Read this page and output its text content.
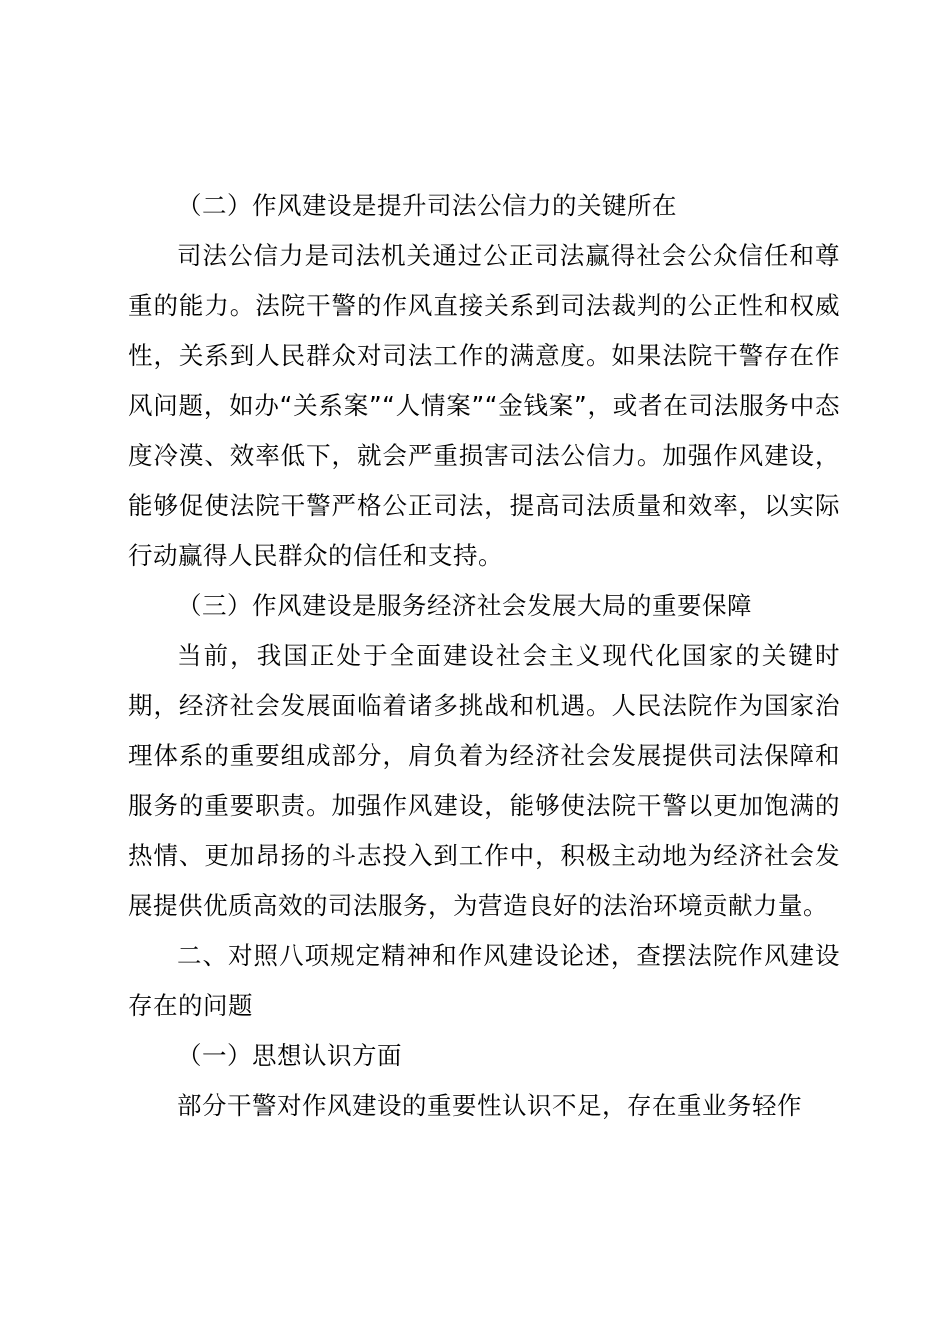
（二）作风建设是提升司法公信力的关键所在

司法公信力是司法机关通过公正司法赢得社会公众信任和尊重的能力。法院干警的作风直接关系到司法裁判的公正性和权威性，关系到人民群众对司法工作的满意度。如果法院干警存在作风问题，如办“关系案”“人情案”“金钱案”，或者在司法服务中态度冷漠、效率低下，就会严重损害司法公信力。加强作风建设，能够促使法院干警严格公正司法，提高司法质量和效率，以实际行动赢得人民群众的信任和支持。

（三）作风建设是服务经济社会发展大局的重要保障

当前，我国正处于全面建设社会主义现代化国家的关键时期，经济社会发展面临着诸多挑战和机遇。人民法院作为国家治理体系的重要组成部分，肩负着为经济社会发展提供司法保障和服务的重要职责。加强作风建设，能够使法院干警以更加饱满的热情、更加昂扬的斗志投入到工作中，积极主动地为经济社会发展提供优质高效的司法服务，为营造良好的法治环境贡献力量。

二、对照八项规定精神和作风建设论述，查摆法院作风建设存在的问题

（一）思想认识方面

部分干警对作风建设的重要性认识不足，存在重业务轻作
